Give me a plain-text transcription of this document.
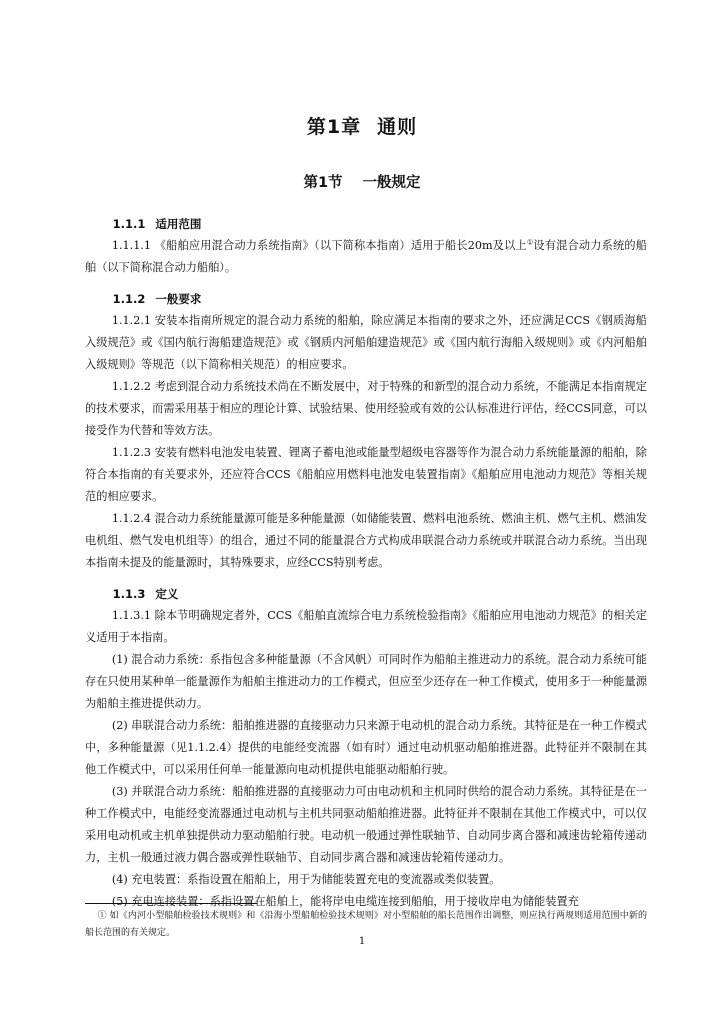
第1章 通则
第1节 一般规定
1.1.1 适用范围

1.1.1.1 《船舶应用混合动力系统指南》（以下简称本指南）适用于船长20m及以上①设有混合动力系统的船舶（以下简称混合动力船舶）。

1.1.2 一般要求

1.1.2.1 安装本指南所规定的混合动力系统的船舶，除应满足本指南的要求之外，还应满足CCS《钢质海船入级规范》或《国内航行海船建造规范》或《钢质内河船舶建造规范》或《国内航行海船入级规则》或《内河船舶入级规则》等规范（以下简称相关规范）的相应要求。

1.1.2.2 考虑到混合动力系统技术尚在不断发展中，对于特殊的和新型的混合动力系统，不能满足本指南规定的技术要求，而需采用基于相应的理论计算、试验结果、使用经验或有效的公认标准进行评估，经CCS同意，可以接受作为代替和等效方法。

1.1.2.3 安装有燃料电池发电装置、锂离子蓄电池或能量型超级电容器等作为混合动力系统能量源的船舶，除符合本指南的有关要求外，还应符合CCS《船舶应用燃料电池发电装置指南》《船舶应用电池动力规范》等相关规范的相应要求。

1.1.2.4 混合动力系统能量源可能是多种能量源（如储能装置、燃料电池系统、燃油主机、燃气主机、燃油发电机组、燃气发电机组等）的组合，通过不同的能量混合方式构成串联混合动力系统或并联混合动力系统。当出现本指南未提及的能量源时，其特殊要求，应经CCS特别考虑。

1.1.3 定义

1.1.3.1 除本节明确规定者外，CCS《船舶直流综合电力系统检验指南》《船舶应用电池动力规范》的相关定义适用于本指南。

(1) 混合动力系统：系指包含多种能量源（不含风帆）可同时作为船舶主推进动力的系统。混合动力系统可能存在只使用某种单一能量源作为船舶主推进动力的工作模式，但应至少还存在一种工作模式，使用多于一种能量源为船舶主推进提供动力。

(2) 串联混合动力系统：船舶推进器的直接驱动力只来源于电动机的混合动力系统。其特征是在一种工作模式中，多种能量源（见1.1.2.4）提供的电能经变流器（如有时）通过电动机驱动船舶推进器。此特征并不限制在其他工作模式中，可以采用任何单一能量源向电动机提供电能驱动船舶行驶。

(3) 并联混合动力系统：船舶推进器的直接驱动力可由电动机和主机同时供给的混合动力系统。其特征是在一种工作模式中，电能经变流器通过电动机与主机共同驱动船舶推进器。此特征并不限制在其他工作模式中，可以仅采用电动机或主机单独提供动力驱动船舶行驶。电动机一般通过弹性联轴节、自动同步离合器和减速齿轮箱传递动力，主机一般通过液力偶合器或弹性联轴节、自动同步离合器和减速齿轮箱传递动力。

(4) 充电装置：系指设置在船舶上，用于为储能装置充电的变流器或类似装置。

(5) 充电连接装置：系指设置在船舶上，能将岸电电缆连接到船舶，用于接收岸电为储能装置充

① 如《内河小型船舶检验技术规则》和《沿海小型船舶检验技术规则》对小型船舶的船长范围作出调整，则应执行两规则适用范围中新的船长范围的有关规定。
1
